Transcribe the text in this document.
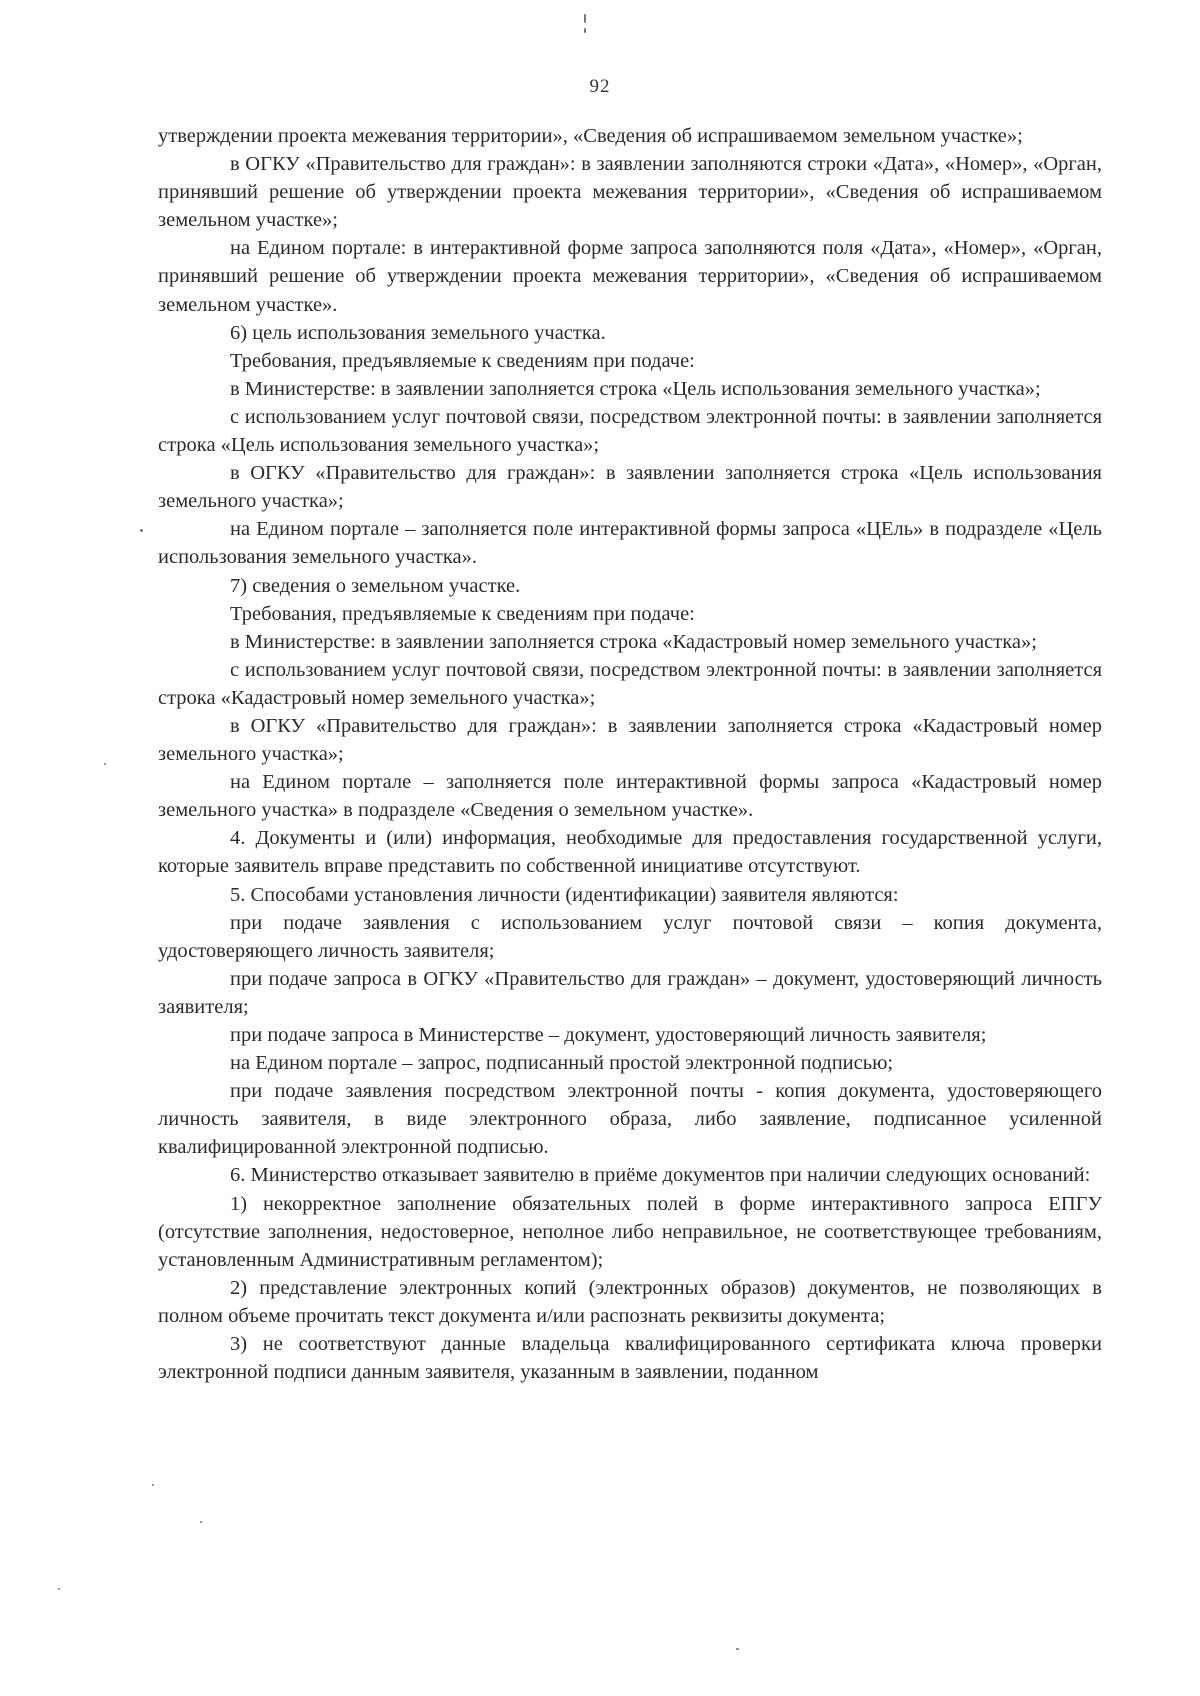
92

утверждении проекта межевания территории», «Сведения об испрашиваемом земельном участке»;

в ОГКУ «Правительство для граждан»: в заявлении заполняются строки «Дата», «Номер», «Орган, принявший решение об утверждении проекта межевания территории», «Сведения об испрашиваемом земельном участке»;

на Едином портале: в интерактивной форме запроса заполняются поля «Дата», «Номер», «Орган, принявший решение об утверждении проекта межевания территории», «Сведения об испрашиваемом земельном участке».

6) цель использования земельного участка.

Требования, предъявляемые к сведениям при подаче:

в Министерстве: в заявлении заполняется строка «Цель использования земельного участка»;

с использованием услуг почтовой связи, посредством электронной почты: в заявлении заполняется строка «Цель использования земельного участка»;

в ОГКУ «Правительство для граждан»: в заявлении заполняется строка «Цель использования земельного участка»;

на Едином портале – заполняется поле интерактивной формы запроса «ЦЕль» в подразделе «Цель использования земельного участка».

7) сведения о земельном участке.

Требования, предъявляемые к сведениям при подаче:

в Министерстве: в заявлении заполняется строка «Кадастровый номер земельного участка»;

с использованием услуг почтовой связи, посредством электронной почты: в заявлении заполняется строка «Кадастровый номер земельного участка»;

в ОГКУ «Правительство для граждан»: в заявлении заполняется строка «Кадастровый номер земельного участка»;

на Едином портале – заполняется поле интерактивной формы запроса «Кадастровый номер земельного участка» в подразделе «Сведения о земельном участке».

4. Документы и (или) информация, необходимые для предоставления государственной услуги, которые заявитель вправе представить по собственной инициативе отсутствуют.

5. Способами установления личности (идентификации) заявителя являются:

при подаче заявления с использованием услуг почтовой связи – копия документа, удостоверяющего личность заявителя;

при подаче запроса в ОГКУ «Правительство для граждан» – документ, удостоверяющий личность заявителя;

при подаче запроса в Министерстве – документ, удостоверяющий личность заявителя;

на Едином портале – запрос, подписанный простой электронной подписью;

при подаче заявления посредством электронной почты - копия документа, удостоверяющего личность заявителя, в виде электронного образа, либо заявление, подписанное усиленной квалифицированной электронной подписью.

6. Министерство отказывает заявителю в приёме документов при наличии следующих оснований:

1) некорректное заполнение обязательных полей в форме интерактивного запроса ЕПГУ (отсутствие заполнения, недостоверное, неполное либо неправильное, не соответствующее требованиям, установленным Административным регламентом);

2) представление электронных копий (электронных образов) документов, не позволяющих в полном объеме прочитать текст документа и/или распознать реквизиты документа;

3) не соответствуют данные владельца квалифицированного сертификата ключа проверки электронной подписи данным заявителя, указанным в заявлении, поданном
